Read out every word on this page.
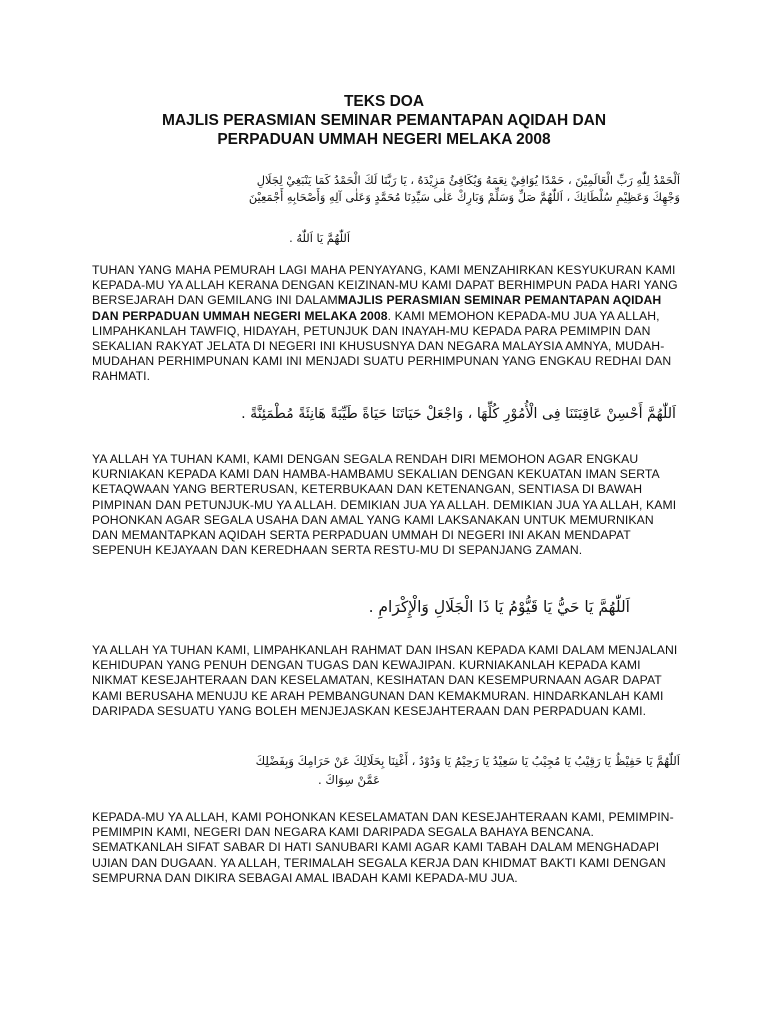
TEKS DOA
MAJLIS PERASMIAN SEMINAR PEMANTAPAN AQIDAH DAN
PERPADUAN UMMAH NEGERI MELAKA 2008
اَلْحَمْدُ لِلّٰهِ رَبِّ الْعَالَمِيْنَ ، حَمْدًا يُوَافِيْ نِعَمَهُ وَيُكَافِئُ مَزِيْدَهُ ، يَا رَبَّنَا لَكَ الْحَمْدُ كَمَا يَنْبَغِيْ لِجَلَالِ
وَجْهِكَ وَعَظِيْمِ سُلْطَانِكَ ، اَللّٰهُمَّ صَلِّ وَسَلِّمْ وَبَارِكْ عَلٰى سَيِّدِنَا مُحَمَّدٍ وَعَلٰى آلِهِ وَأَصْحَابِهِ أَجْمَعِيْنَ
اَللّٰهُمَّ يَا اَللّٰهُ .
TUHAN YANG MAHA PEMURAH LAGI MAHA PENYAYANG, KAMI MENZAHIRKAN KESYUKURAN KAMI KEPADA-MU YA ALLAH KERANA DENGAN KEIZINAN-MU KAMI DAPAT BERHIMPUN PADA HARI YANG BERSEJARAH DAN GEMILANG INI DALAMMAJLIS PERASMIAN SEMINAR PEMANTAPAN AQIDAH DAN PERPADUAN UMMAH NEGERI MELAKA 2008. KAMI MEMOHON KEPADA-MU JUA YA ALLAH, LIMPAHKANLAH TAWFIQ, HIDAYAH, PETUNJUK DAN INAYAH-MU KEPADA PARA PEMIMPIN DAN SEKALIAN RAKYAT JELATA DI NEGERI INI KHUSUSNYA DAN NEGARA MALAYSIA AMNYA, MUDAH-MUDAHAN PERHIMPUNAN KAMI INI MENJADI SUATU PERHIMPUNAN YANG ENGKAU REDHAI DAN RAHMATI.
اَللّٰهُمَّ أَحْسِنْ عَاقِبَتَنَا فِى الْأُمُوْرِ كُلِّهَا ، وَاجْعَلْ حَيَاتَنَا حَيَاةً طَيِّبَةً هَانِئَةً مُطْمَئِنَّةً .
YA ALLAH YA TUHAN KAMI, KAMI DENGAN SEGALA RENDAH DIRI MEMOHON AGAR ENGKAU KURNIAKAN KEPADA KAMI DAN HAMBA-HAMBAMU SEKALIAN DENGAN KEKUATAN IMAN SERTA KETAQWAAN YANG BERTERUSAN, KETERBUKAAN DAN KETENANGAN, SENTIASA DI BAWAH PIMPINAN DAN PETUNJUK-MU YA ALLAH. DEMIKIAN JUA YA ALLAH. DEMIKIAN JUA YA ALLAH, KAMI POHONKAN AGAR SEGALA USAHA DAN AMAL YANG KAMI LAKSANAKAN UNTUK MEMURNIKAN DAN MEMANTAPKAN AQIDAH SERTA PERPADUAN UMMAH DI NEGERI INI AKAN MENDAPAT SEPENUH KEJAYAAN DAN KEREDHAAN SERTA RESTU-MU DI SEPANJANG ZAMAN.
اَللّٰهُمَّ يَا حَيُّ يَا قَيُّوْمُ يَا ذَا الْجَلَالِ وَالْإِكْرَامِ .
YA ALLAH YA TUHAN KAMI, LIMPAHKANLAH RAHMAT DAN IHSAN KEPADA KAMI DALAM MENJALANI KEHIDUPAN YANG PENUH DENGAN TUGAS DAN KEWAJIPAN. KURNIAKANLAH KEPADA KAMI NIKMAT KESEJAHTERAAN DAN KESELAMATAN, KESIHATAN DAN KESEMPURNAAN AGAR DAPAT KAMI BERUSAHA MENUJU KE ARAH PEMBANGUNAN DAN KEMAKMURAN. HINDARKANLAH KAMI DARIPADA SESUATU YANG BOLEH MENJEJASKAN KESEJAHTERAAN DAN PERPADUAN KAMI.
اَللّٰهُمَّ يَا حَفِيْظُ يَا رَقِيْبُ يَا مُجِيْبُ يَا سَعِيْدُ يَا رَحِيْمُ يَا وَدُوْدُ ، أَغْنِنَا بِحَلَالِكَ عَنْ حَرَامِكَ وَبِفَضْلِكَ
عَمَّنْ سِوَاكَ .
KEPADA-MU YA ALLAH, KAMI POHONKAN KESELAMATAN DAN KESEJAHTERAAN KAMI, PEMIMPIN-PEMIMPIN KAMI, NEGERI DAN NEGARA KAMI DARIPADA SEGALA BAHAYA BENCANA. SEMATKANLAH SIFAT SABAR DI HATI SANUBARI KAMI AGAR KAMI TABAH DALAM MENGHADAPI UJIAN DAN DUGAAN. YA ALLAH, TERIMALAH SEGALA KERJA DAN KHIDMAT BAKTI KAMI DENGAN SEMPURNA DAN DIKIRA SEBAGAI AMAL IBADAH KAMI KEPADA-MU JUA.
